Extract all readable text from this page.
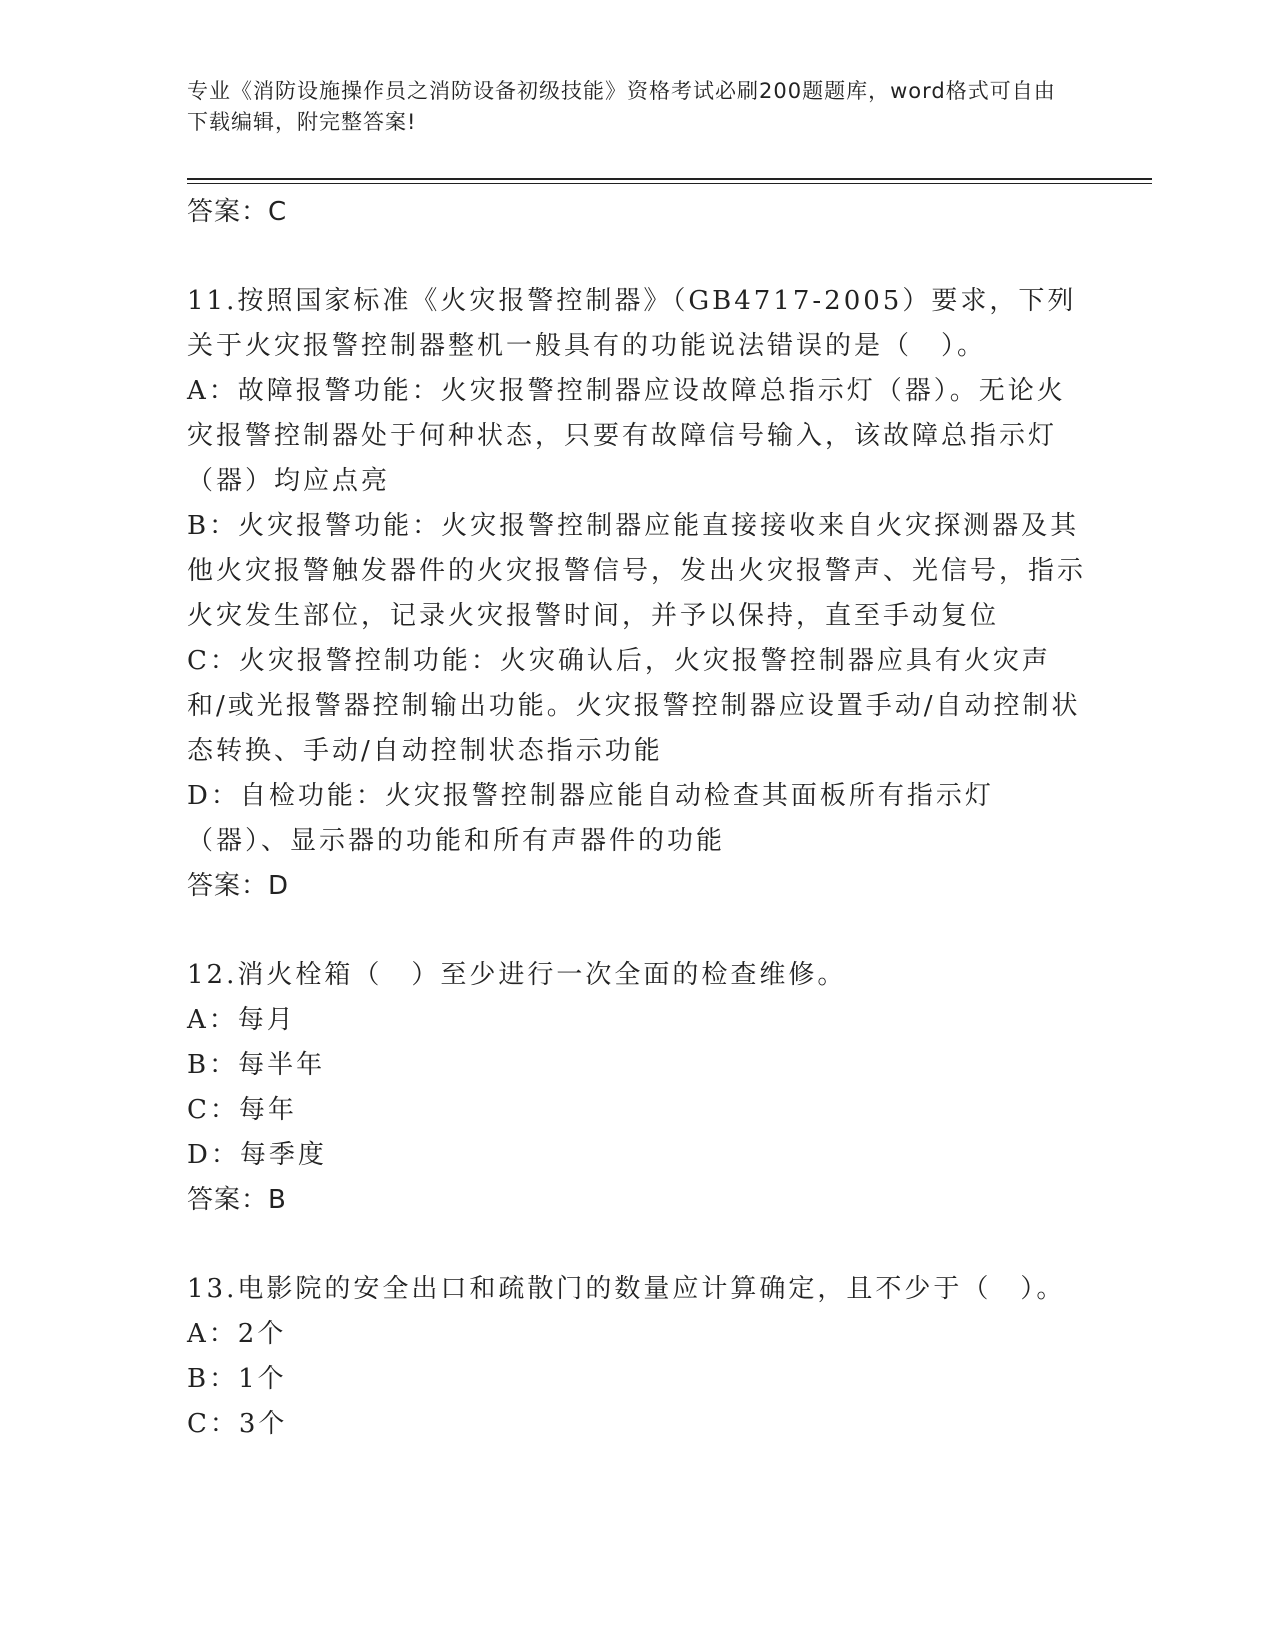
专业《消防设施操作员之消防设备初级技能》资格考试必刷200题题库，word格式可自由下载编辑，附完整答案!

答案：C

11.按照国家标准《火灾报警控制器》（GB4717-2005）要求，下列关于火灾报警控制器整机一般具有的功能说法错误的是（　）。

A：故障报警功能：火灾报警控制器应设故障总指示灯（器）。无论火灾报警控制器处于何种状态，只要有故障信号输入，该故障总指示灯（器）均应点亮

B：火灾报警功能：火灾报警控制器应能直接接收来自火灾探测器及其他火灾报警触发器件的火灾报警信号，发出火灾报警声、光信号，指示火灾发生部位，记录火灾报警时间，并予以保持，直至手动复位

C：火灾报警控制功能：火灾确认后，火灾报警控制器应具有火灾声和/或光报警器控制输出功能。火灾报警控制器应设置手动/自动控制状态转换、手动/自动控制状态指示功能

D：自检功能：火灾报警控制器应能自动检查其面板所有指示灯（器）、显示器的功能和所有声器件的功能

答案：D

12.消火栓箱（　）至少进行一次全面的检查维修。

A：每月

B：每半年

C：每年

D：每季度

答案：B

13.电影院的安全出口和疏散门的数量应计算确定，且不少于（　）。

A：2个

B：1个

C：3个
